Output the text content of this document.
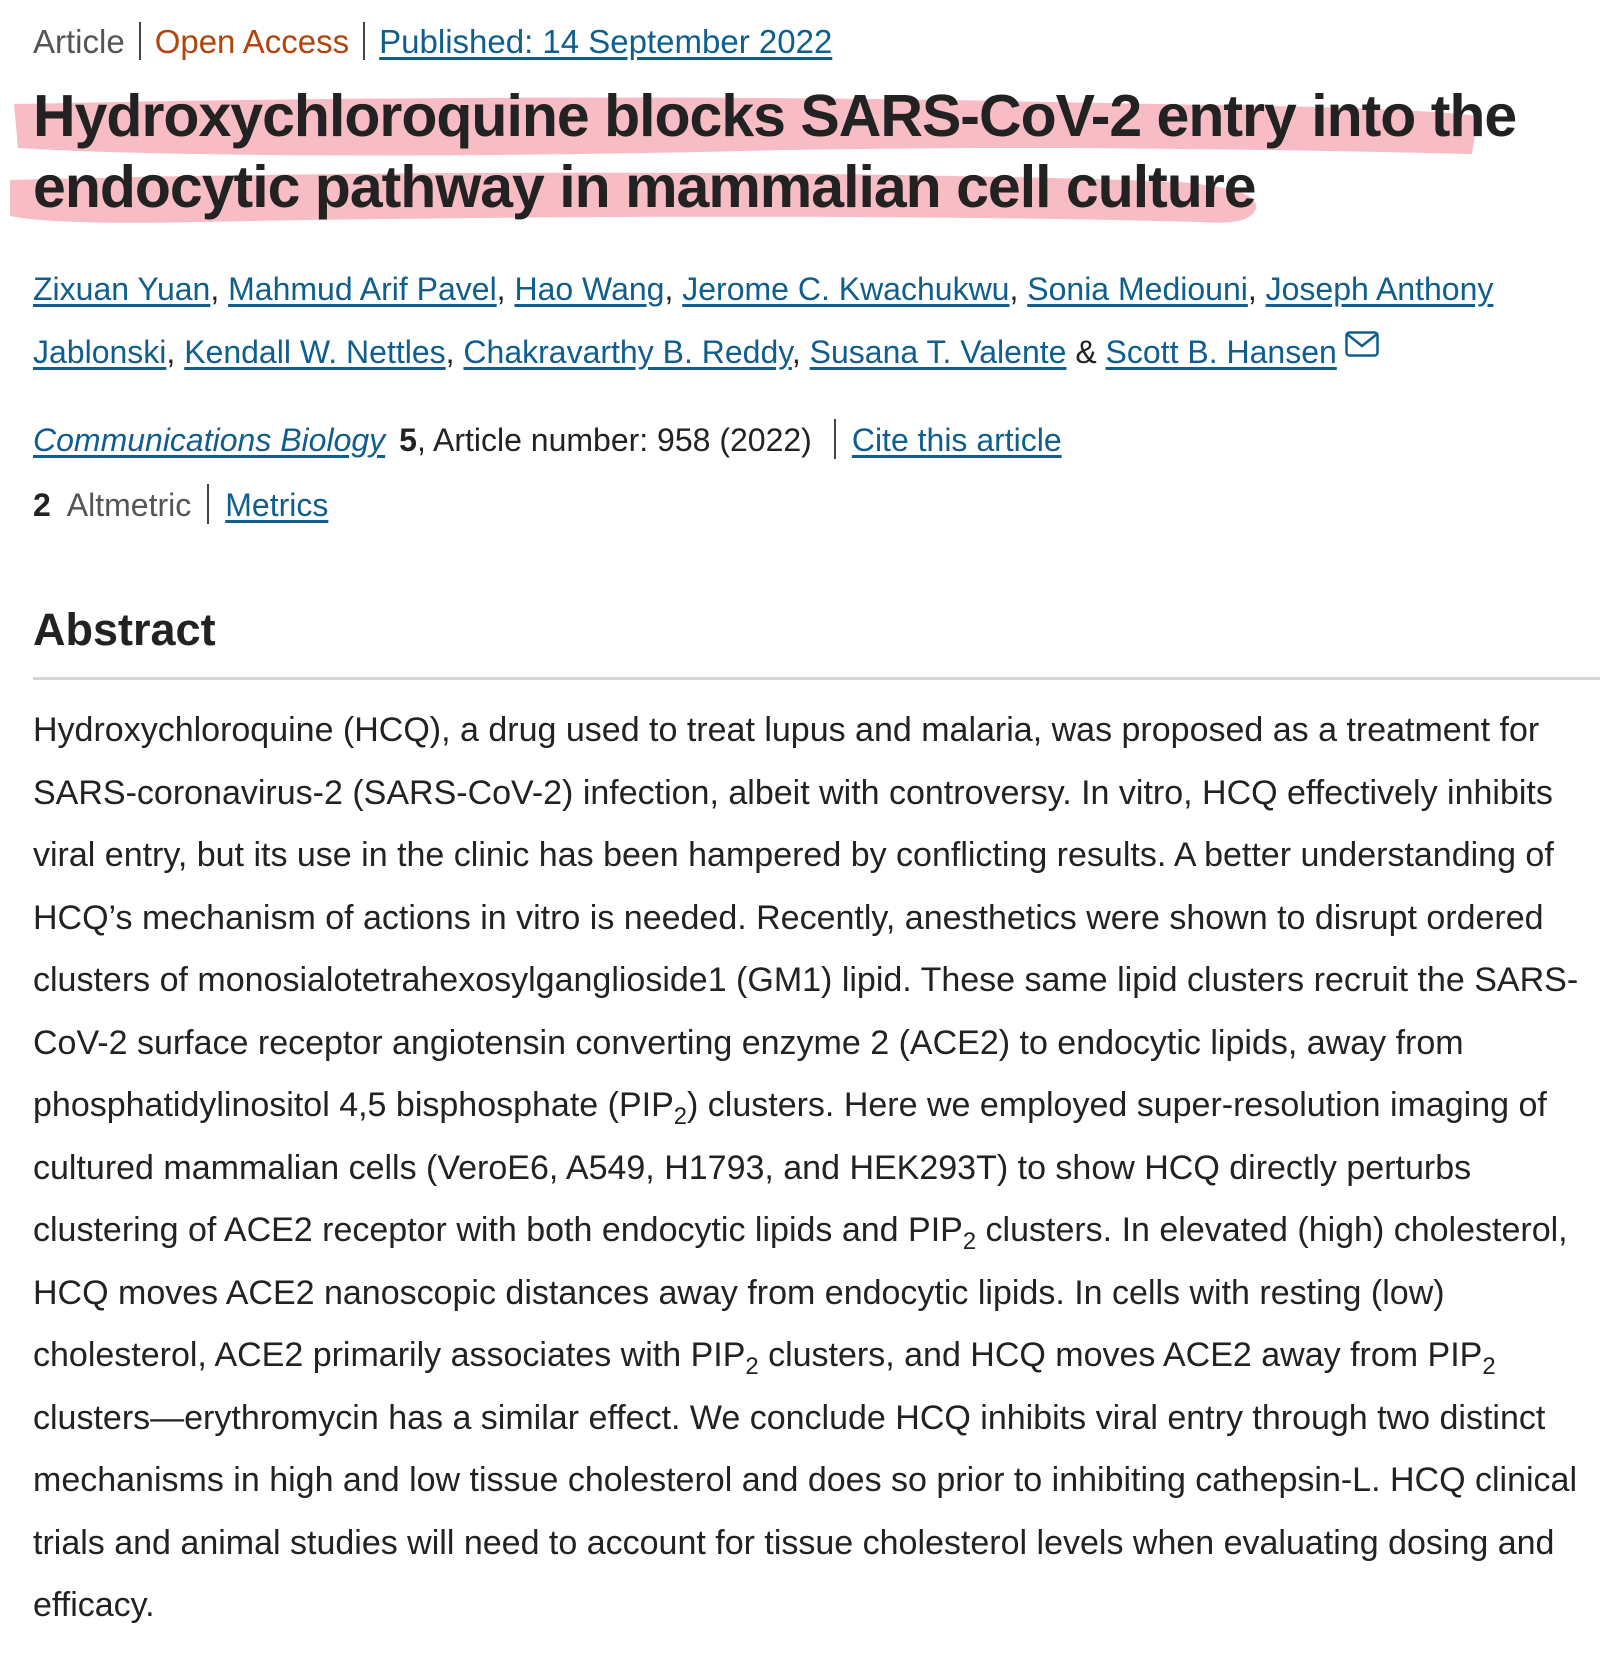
Article Open Access Published: 14 September 2022
Hydroxychloroquine blocks SARS-CoV-2 entry into the
endocytic pathway in mammalian cell culture
Zixuan Yuan, Mahmud Arif Pavel, Hao Wang, Jerome C. Kwachukwu, Sonia Mediouni, Joseph Anthony Jablonski, Kendall W. Nettles, Chakravarthy B. Reddy, Susana T. Valente & Scott B. Hansen
Communications Biology 5, Article number: 958 (2022) Cite this article
2 Altmetric Metrics
Abstract

Hydroxychloroquine (HCQ), a drug used to treat lupus and malaria, was proposed as a treatment for SARS-coronavirus-2 (SARS-CoV-2) infection, albeit with controversy. In vitro, HCQ effectively inhibits viral entry, but its use in the clinic has been hampered by conflicting results. A better understanding of HCQ’s mechanism of actions in vitro is needed. Recently, anesthetics were shown to disrupt ordered clusters of monosialotetrahexosylganglioside1 (GM1) lipid. These same lipid clusters recruit the SARS-CoV-2 surface receptor angiotensin converting enzyme 2 (ACE2) to endocytic lipids, away from phosphatidylinositol 4,5 bisphosphate $(PIP_2)$ clusters. Here we employed super-resolution imaging of cultured mammalian cells (VeroE6, A549, H1793, and HEK293T) to show HCQ directly perturbs clustering of ACE2 receptor with both endocytic lipids and $PIP_2$ clusters. In elevated (high) cholesterol, HCQ moves ACE2 nanoscopic distances away from endocytic lipids. In cells with resting (low) cholesterol, ACE2 primarily associates with $PIP_2$ clusters, and HCQ moves ACE2 away from $PIP_2$ clusters—erythromycin has a similar effect. We conclude HCQ inhibits viral entry through two distinct mechanisms in high and low tissue cholesterol and does so prior to inhibiting cathepsin-L. HCQ clinical trials and animal studies will need to account for tissue cholesterol levels when evaluating dosing and efficacy.
